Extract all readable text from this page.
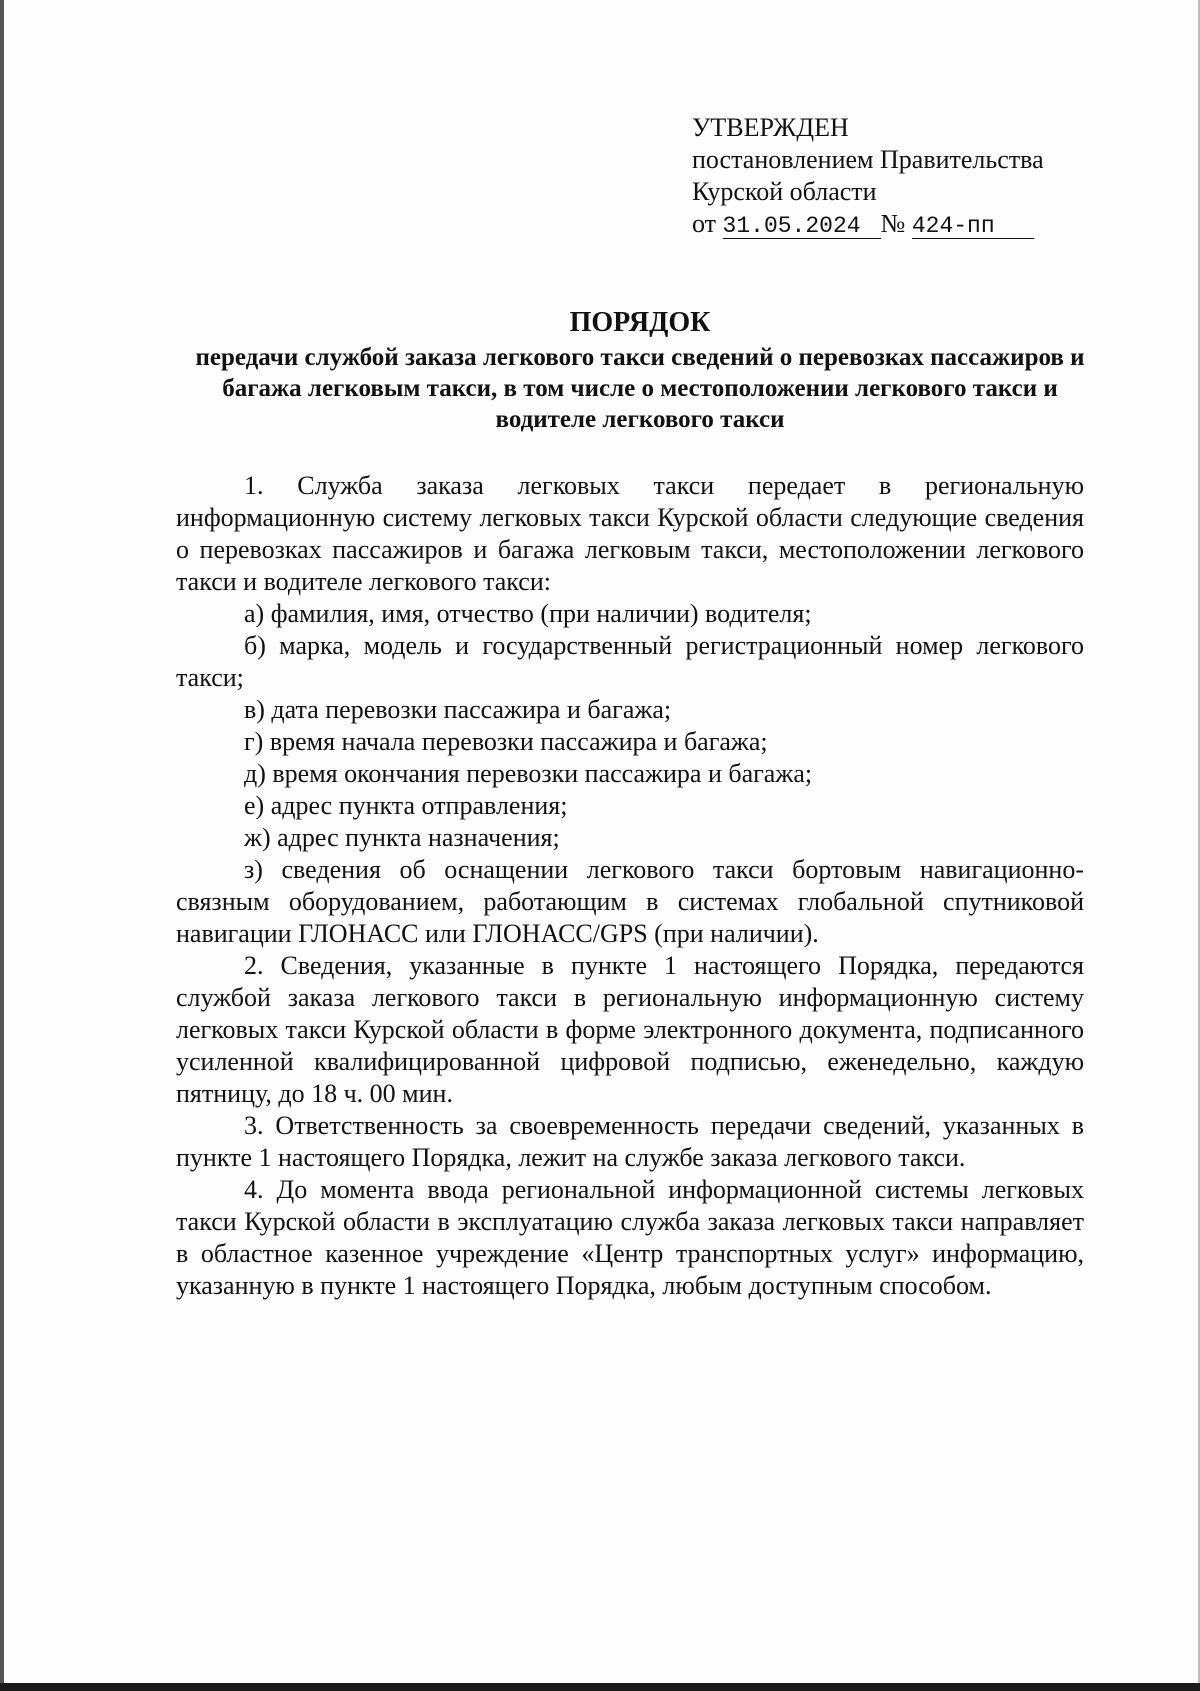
УТВЕРЖДЕН
постановлением Правительства
Курской области
от 31.05.2024 № 424-пп
ПОРЯДОК
передачи службой заказа легкового такси сведений о перевозках пассажиров и багажа легковым такси, в том числе о местоположении легкового такси и водителе легкового такси

1. Служба заказа легковых такси передает в региональную информационную систему легковых такси Курской области следующие сведения о перевозках пассажиров и багажа легковым такси, местоположении легкового такси и водителе легкового такси:

а) фамилия, имя, отчество (при наличии) водителя;

б) марка, модель и государственный регистрационный номер легкового такси;

в) дата перевозки пассажира и багажа;

г) время начала перевозки пассажира и багажа;

д) время окончания перевозки пассажира и багажа;

е) адрес пункта отправления;

ж) адрес пункта назначения;

з) сведения об оснащении легкового такси бортовым навигационно-связным оборудованием, работающим в системах глобальной спутниковой навигации ГЛОНАСС или ГЛОНАСС/GPS (при наличии).

2. Сведения, указанные в пункте 1 настоящего Порядка, передаются службой заказа легкового такси в региональную информационную систему легковых такси Курской области в форме электронного документа, подписанного усиленной квалифицированной цифровой подписью, еженедельно, каждую пятницу, до 18 ч. 00 мин.

3. Ответственность за своевременность передачи сведений, указанных в пункте 1 настоящего Порядка, лежит на службе заказа легкового такси.

4. До момента ввода региональной информационной системы легковых такси Курской области в эксплуатацию служба заказа легковых такси направляет в областное казенное учреждение «Центр транспортных услуг» информацию, указанную в пункте 1 настоящего Порядка, любым доступным способом.
